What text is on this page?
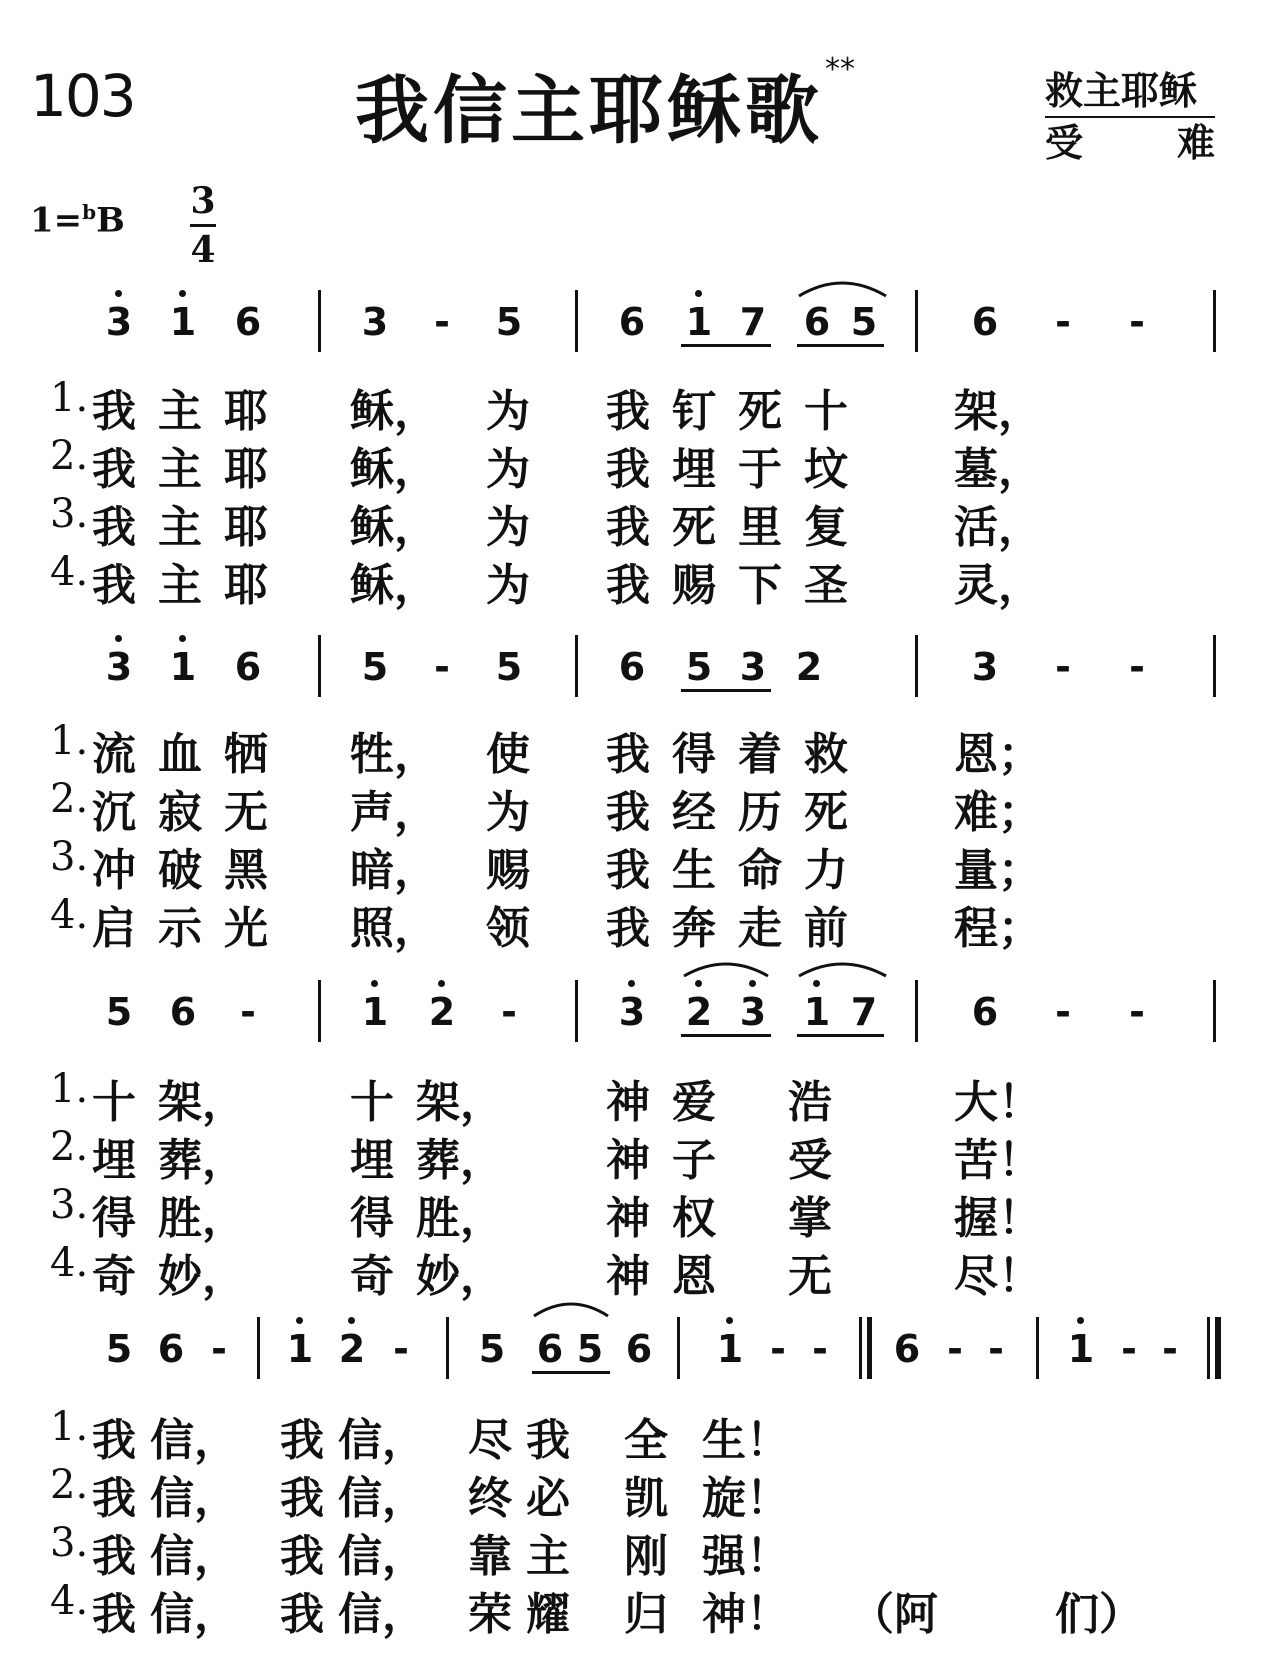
103	我信主耶稣歌 **	救主耶稣
受 难
$1=^bB \frac{3}{4}$
3 1 6	3	-	5	6 1 7 6 5 6	-	-
1. 我 主 耶 稣， 为 我 钉 死 十 架，
2. 我 主 耶 稣， 为 我 埋 于 坟 墓，
3. 我 主 耶 稣， 为 我 死 里 复 活，
4. 我 主 耶 稣， 为 我 赐 下 圣 灵，
3 1 6	5	-	5	6 5 3 2	3	-	-
1. 流 血 牺 牲， 使 我 得 着 救 恩；
2. 沉 寂 无 声， 为 我 经 历 死 难；
3. 冲 破 黑 暗， 赐 我 生 命 力 量；
4. 启 示 光 照， 领 我 奔 走 前 程；
5 6	-	1 2	-	3 2 3 1 7 6	-	-
1. 十 架， 十 架， 神 爱 浩	大！
2. 埋 葬， 埋 葬， 神 子 受	苦！
3. 得 胜， 得 胜， 神 权 掌	握！
4. 奇 妙， 奇 妙， 神 恩 无	尽！
5 6 -	1 2 -	5 6 5 6 1 - -	6 - -	1 - -
1. 我 信， 我 信， 尽 我 全 生！
2. 我 信， 我 信， 终 必 凯 旋！
3. 我 信， 我 信， 靠 主 刚 强！
4. 我 信， 我 信， 荣 耀 归 神！ （阿	们）
